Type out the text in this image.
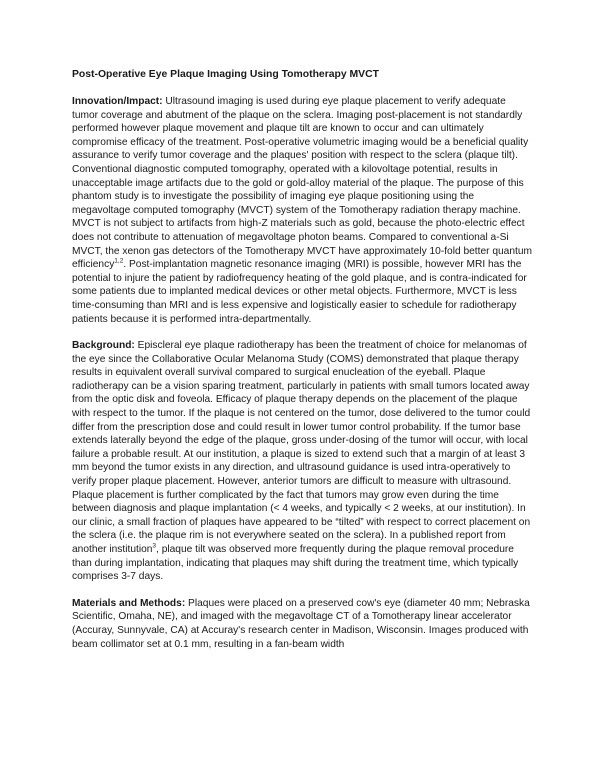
Post-Operative Eye Plaque Imaging Using Tomotherapy MVCT

Innovation/Impact: Ultrasound imaging is used during eye plaque placement to verify adequate tumor coverage and abutment of the plaque on the sclera. Imaging post-placement is not standardly performed however plaque movement and plaque tilt are known to occur and can ultimately compromise efficacy of the treatment. Post-operative volumetric imaging would be a beneficial quality assurance to verify tumor coverage and the plaques' position with respect to the sclera (plaque tilt). Conventional diagnostic computed tomography, operated with a kilovoltage potential, results in unacceptable image artifacts due to the gold or gold-alloy material of the plaque. The purpose of this phantom study is to investigate the possibility of imaging eye plaque positioning using the megavoltage computed tomography (MVCT) system of the Tomotherapy radiation therapy machine. MVCT is not subject to artifacts from high-Z materials such as gold, because the photo-electric effect does not contribute to attenuation of megavoltage photon beams. Compared to conventional a-Si MVCT, the xenon gas detectors of the Tomotherapy MVCT have approximately 10-fold better quantum efficiency$^{1,2}$. Post-implantation magnetic resonance imaging (MRI) is possible, however MRI has the potential to injure the patient by radiofrequency heating of the gold plaque, and is contra-indicated for some patients due to implanted medical devices or other metal objects. Furthermore, MVCT is less time-consuming than MRI and is less expensive and logistically easier to schedule for radiotherapy patients because it is performed intra-departmentally.

Background: Episcleral eye plaque radiotherapy has been the treatment of choice for melanomas of the eye since the Collaborative Ocular Melanoma Study (COMS) demonstrated that plaque therapy results in equivalent overall survival compared to surgical enucleation of the eyeball. Plaque radiotherapy can be a vision sparing treatment, particularly in patients with small tumors located away from the optic disk and foveola. Efficacy of plaque therapy depends on the placement of the plaque with respect to the tumor. If the plaque is not centered on the tumor, dose delivered to the tumor could differ from the prescription dose and could result in lower tumor control probability. If the tumor base extends laterally beyond the edge of the plaque, gross under-dosing of the tumor will occur, with local failure a probable result. At our institution, a plaque is sized to extend such that a margin of at least 3 mm beyond the tumor exists in any direction, and ultrasound guidance is used intra-operatively to verify proper plaque placement. However, anterior tumors are difficult to measure with ultrasound. Plaque placement is further complicated by the fact that tumors may grow even during the time between diagnosis and plaque implantation (< 4 weeks, and typically < 2 weeks, at our institution). In our clinic, a small fraction of plaques have appeared to be “tilted” with respect to correct placement on the sclera (i.e. the plaque rim is not everywhere seated on the sclera). In a published report from another institution$^3$, plaque tilt was observed more frequently during the plaque removal procedure than during implantation, indicating that plaques may shift during the treatment time, which typically comprises 3-7 days.

Materials and Methods: Plaques were placed on a preserved cow's eye (diameter 40 mm; Nebraska Scientific, Omaha, NE), and imaged with the megavoltage CT of a Tomotherapy linear accelerator (Accuray, Sunnyvale, CA) at Accuray's research center in Madison, Wisconsin. Images produced with beam collimator set at 0.1 mm, resulting in a fan-beam width
